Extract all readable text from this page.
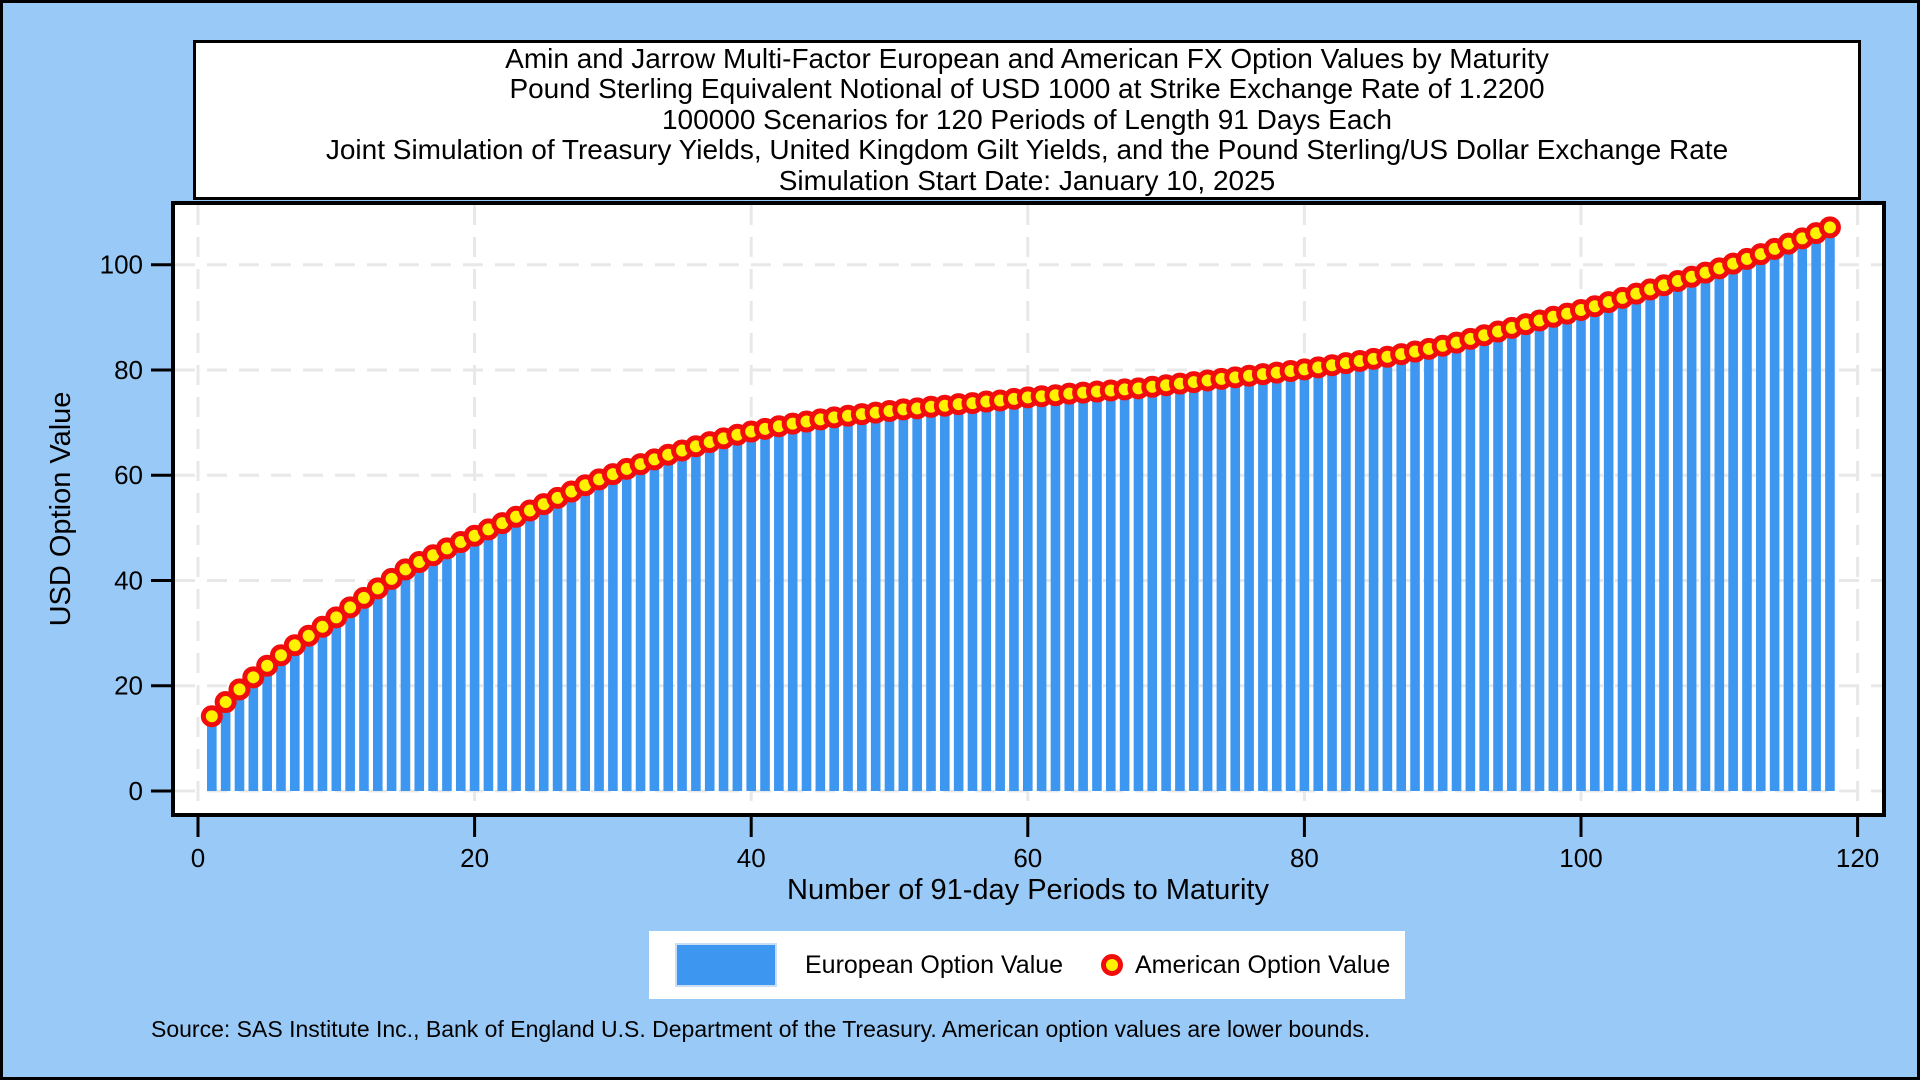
Amin and Jarrow Multi-Factor European and American FX Option Values by Maturity
Pound Sterling Equivalent Notional of USD 1000 at Strike Exchange Rate of 1.2200
100000 Scenarios for 120 Periods of Length 91 Days Each
Joint Simulation of Treasury Yields, United Kingdom Gilt Yields, and the Pound Sterling/US Dollar Exchange Rate
Simulation Start Date: January 10, 2025
0	20	40	60	80	100	120
0
20
40
60
80
100
USD Option Value
Number of 91-day Periods to Maturity
European Option Value	American Option Value
Source: SAS Institute Inc., Bank of England U.S. Department of the Treasury. American option values are lower bounds.
